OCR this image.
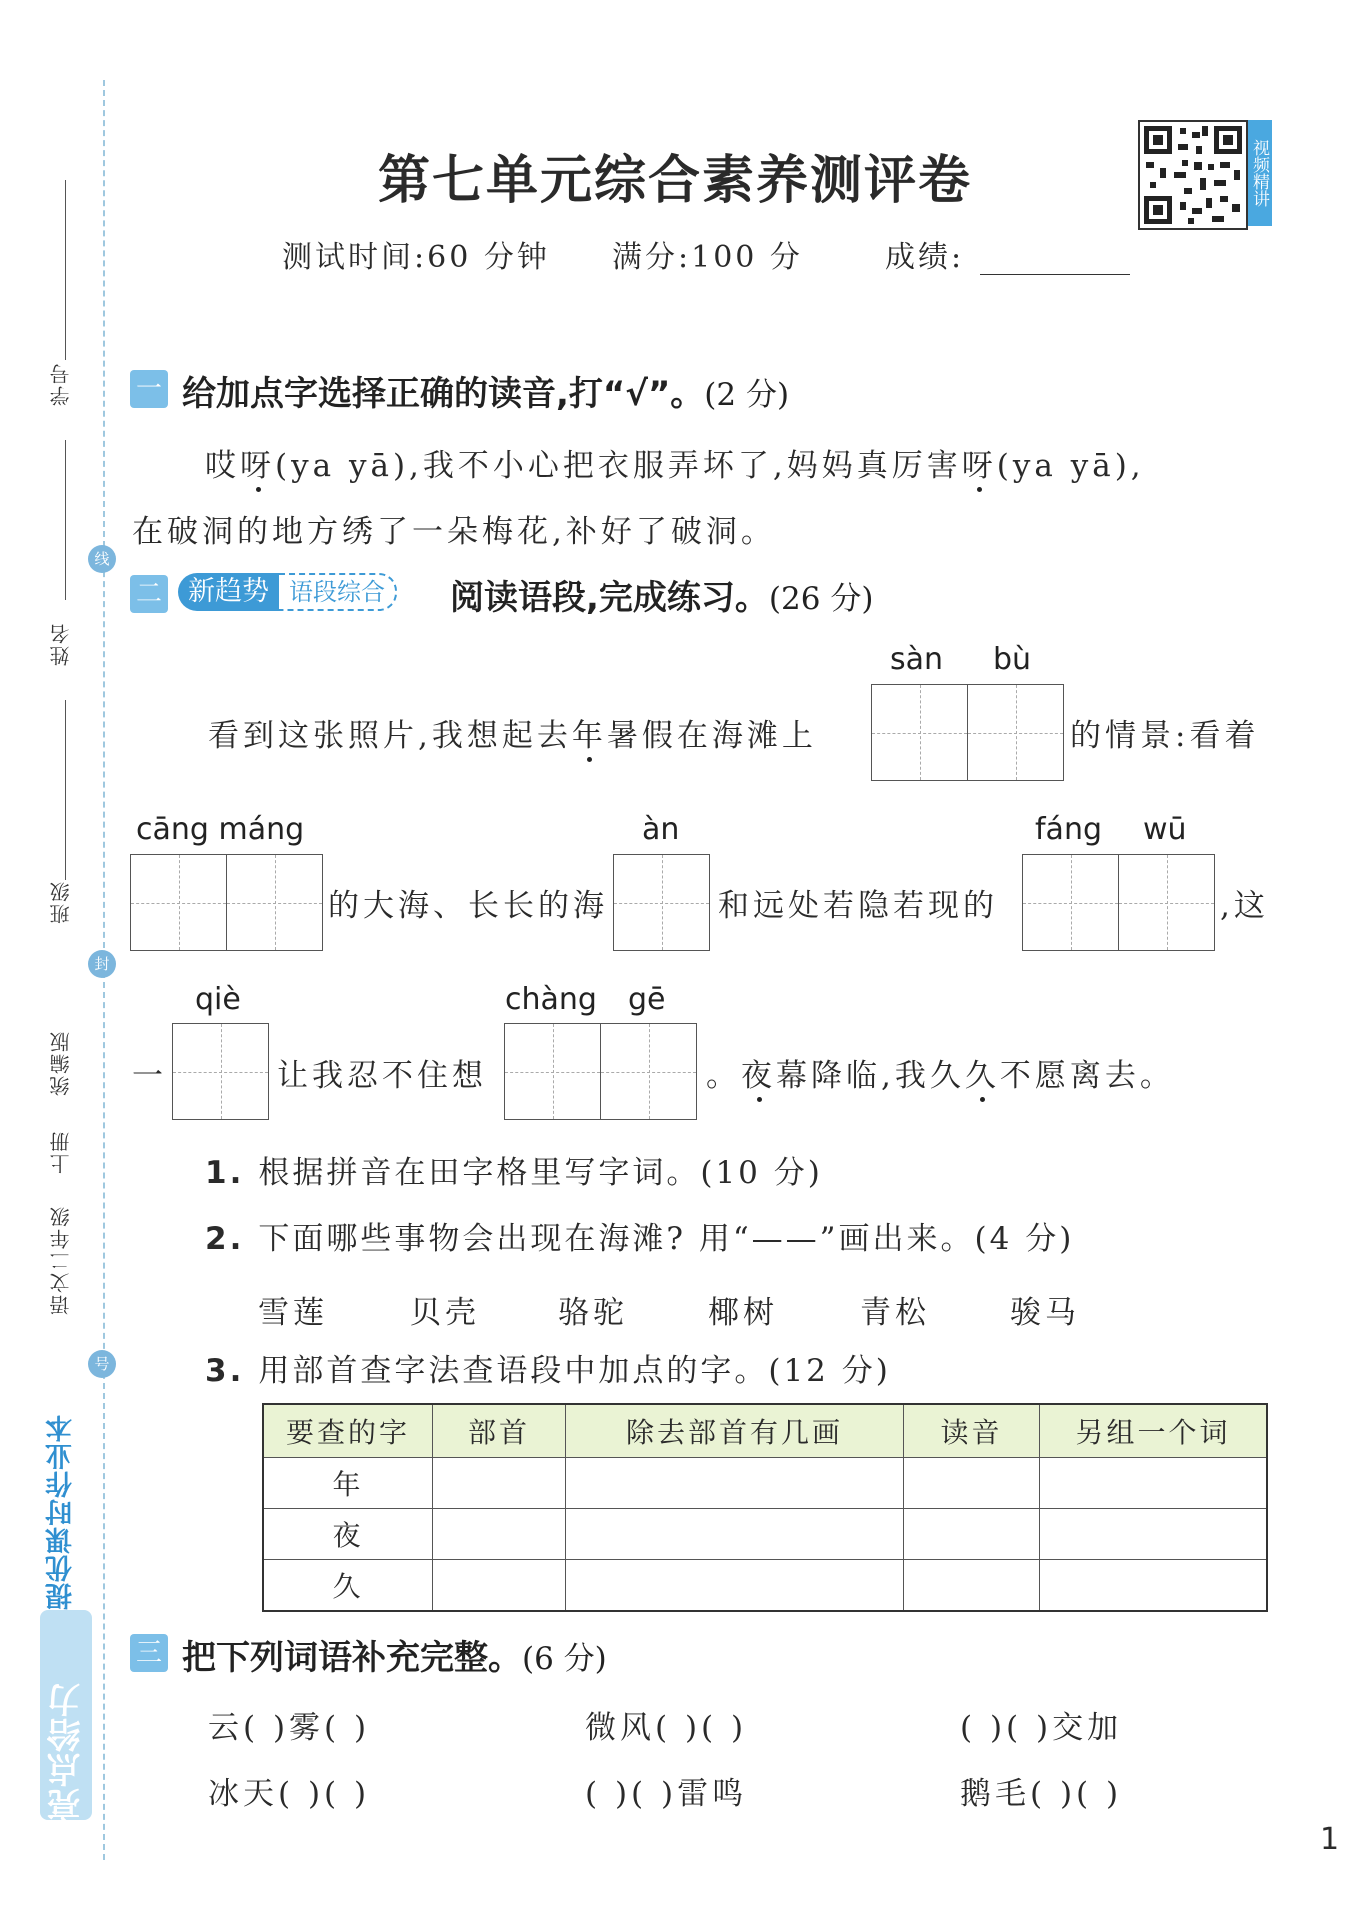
学号
姓名
班级
统编版
上册
语文二年级
线
封
号
提优课时作业本
亮点给力
第七单元综合素养测评卷
测试时间:60 分钟 满分:100 分	成绩:
视频精讲
一 给加点字选择正确的读音,打“√”。(2 分)
哎呀(ya yā),我不小心把衣服弄坏了,妈妈真厉害呀(ya yā),
在破洞的地方绣了一朵梅花,补好了破洞。
二 新趋势 语段综合	阅读语段,完成练习。(26 分)
看到这张照片,我想起去年暑假在海滩上
sàn bù
的情景:看着
cāng máng
的大海、长长的海
àn
和远处若隐若现的
fáng wū
,这
一
qiè
让我忍不住想
chàng gē
。夜幕降临,我久久不愿离去。
1. 根据拼音在田字格里写字词。(10 分)
2. 下面哪些事物会出现在海滩? 用“——”画出来。(4 分)
雪莲	贝壳	骆驼	椰树	青松	骏马
3. 用部首查字法查语段中加点的字。(12 分)
要查的字	部首	除去部首有几画	读音	另组一个词
年				
夜				
久				
三 把下列词语补充完整。(6 分)
云( )雾( )	微风( )( )	( )( )交加
冰天( )( )	( )( )雷鸣	鹅毛( )( )
1
